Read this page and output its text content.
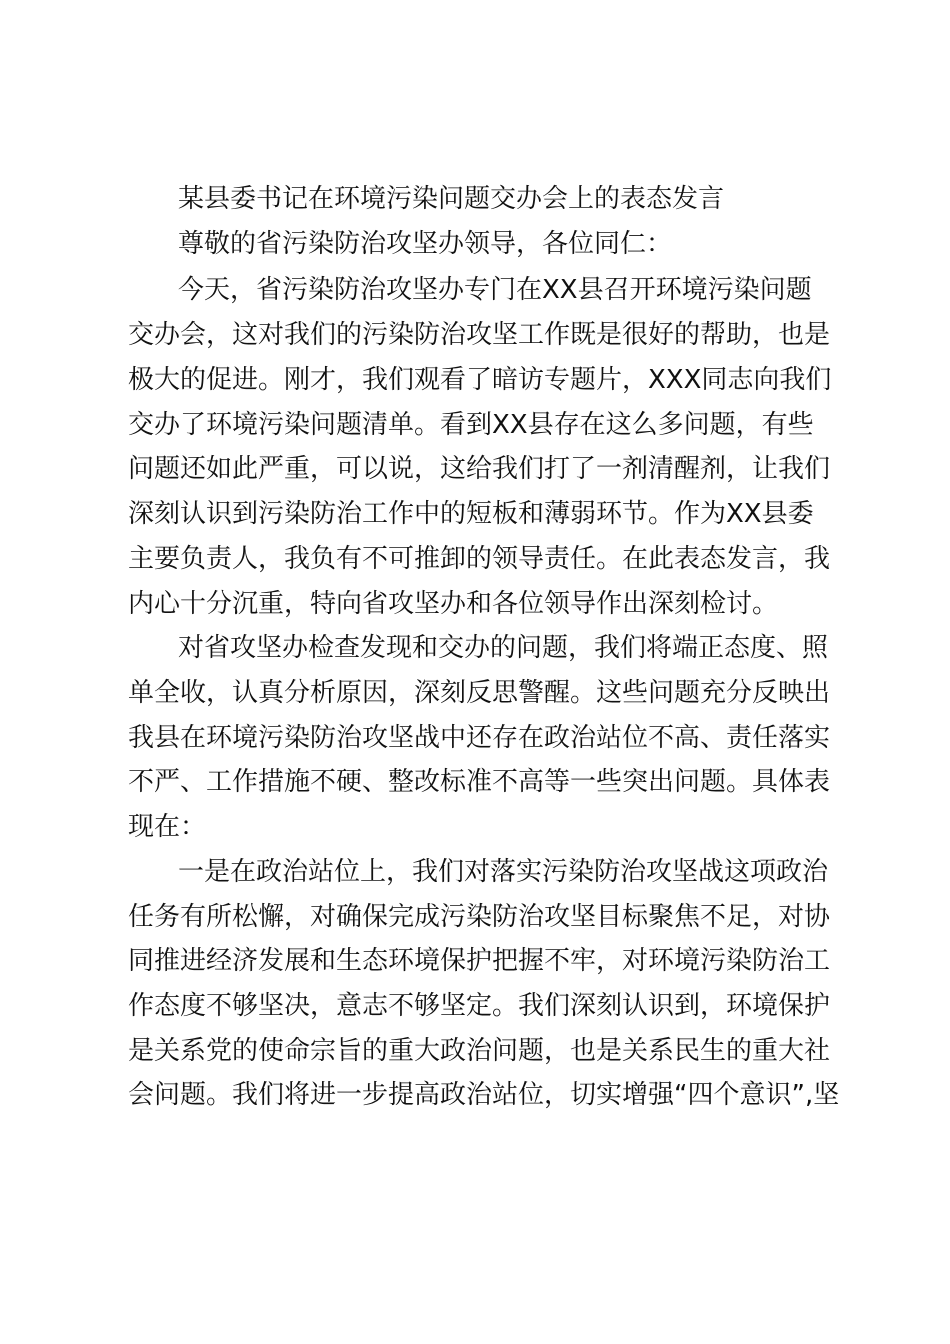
某县委书记在环境污染问题交办会上的表态发言

尊敬的省污染防治攻坚办领导，各位同仁：

今天，省污染防治攻坚办专门在XX县召开环境污染问题

交办会，这对我们的污染防治攻坚工作既是很好的帮助，也是

极大的促进。刚才，我们观看了暗访专题片，XXX同志向我们

交办了环境污染问题清单。看到XX县存在这么多问题，有些

问题还如此严重，可以说，这给我们打了一剂清醒剂，让我们

深刻认识到污染防治工作中的短板和薄弱环节。作为XX县委

主要负责人，我负有不可推卸的领导责任。在此表态发言，我

内心十分沉重，特向省攻坚办和各位领导作出深刻检讨。

对省攻坚办检查发现和交办的问题，我们将端正态度、照

单全收，认真分析原因，深刻反思警醒。这些问题充分反映出

我县在环境污染防治攻坚战中还存在政治站位不高、责任落实

不严、工作措施不硬、整改标准不高等一些突出问题。具体表

现在：

一是在政治站位上，我们对落实污染防治攻坚战这项政治

任务有所松懈，对确保完成污染防治攻坚目标聚焦不足，对协

同推进经济发展和生态环境保护把握不牢，对环境污染防治工

作态度不够坚决，意志不够坚定。我们深刻认识到，环境保护

是关系党的使命宗旨的重大政治问题，也是关系民生的重大社

会问题。我们将进一步提高政治站位，切实增强“四个意识”,坚
